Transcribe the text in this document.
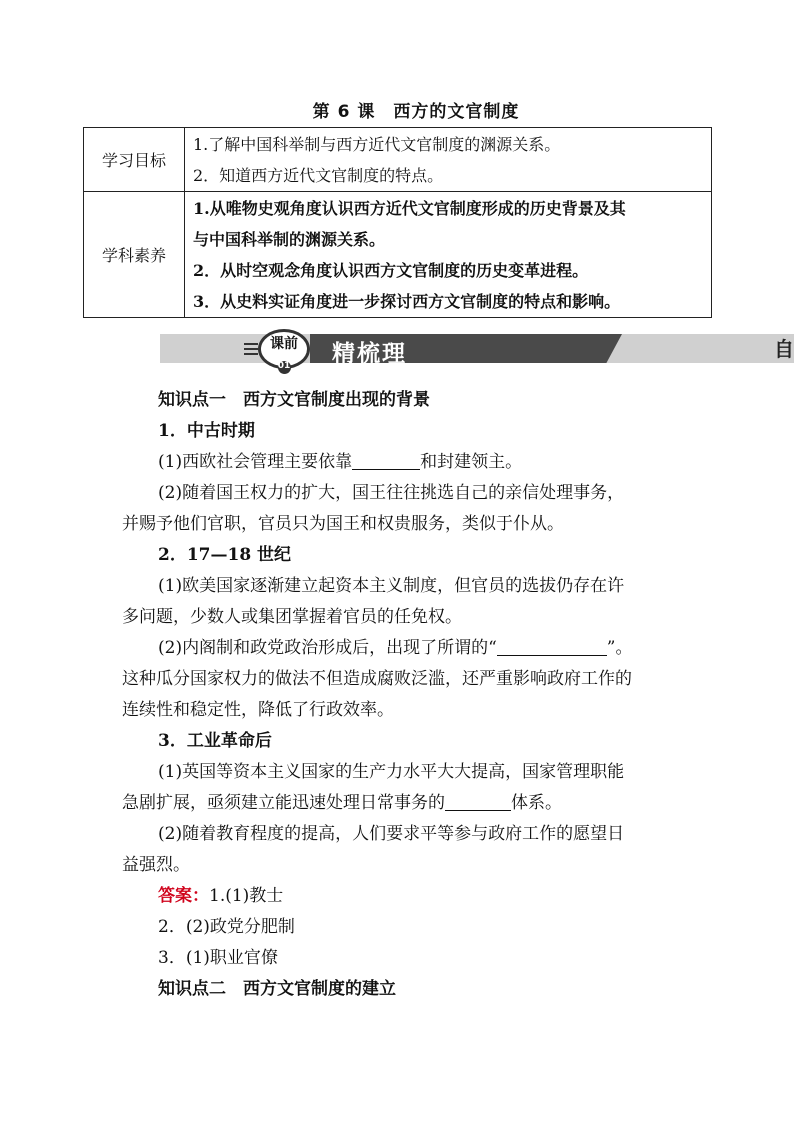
第 6 课　西方的文官制度
学习目标	1.了解中国科举制与西方近代文官制度的渊源关系。
2．知道西方近代文官制度的特点。

学科素养	1.从唯物史观角度认识西方近代文官制度形成的历史背景及其
与中国科举制的渊源关系。
2．从时空观念角度认识西方文官制度的历史变革进程。
3．从史料实证角度进一步探讨西方文官制度的特点和影响。
课前
01	精梳理	自
知识点一　西方文官制度出现的背景
1．中古时期
(1)西欧社会管理主要依靠	和封建领主。
(2)随着国王权力的扩大，国王往往挑选自己的亲信处理事务，
并赐予他们官职，官员只为国王和权贵服务，类似于仆从。
2．17—18 世纪
(1)欧美国家逐渐建立起资本主义制度，但官员的选拔仍存在许
多问题，少数人或集团掌握着官员的任免权。
(2)内阁制和政党政治形成后，出现了所谓的“	”。
这种瓜分国家权力的做法不但造成腐败泛滥，还严重影响政府工作的
连续性和稳定性，降低了行政效率。
3．工业革命后
(1)英国等资本主义国家的生产力水平大大提高，国家管理职能
急剧扩展，亟须建立能迅速处理日常事务的	体系。
(2)随着教育程度的提高，人们要求平等参与政府工作的愿望日
益强烈。
答案：1.(1)教士
2．(2)政党分肥制
3．(1)职业官僚
知识点二　西方文官制度的建立
